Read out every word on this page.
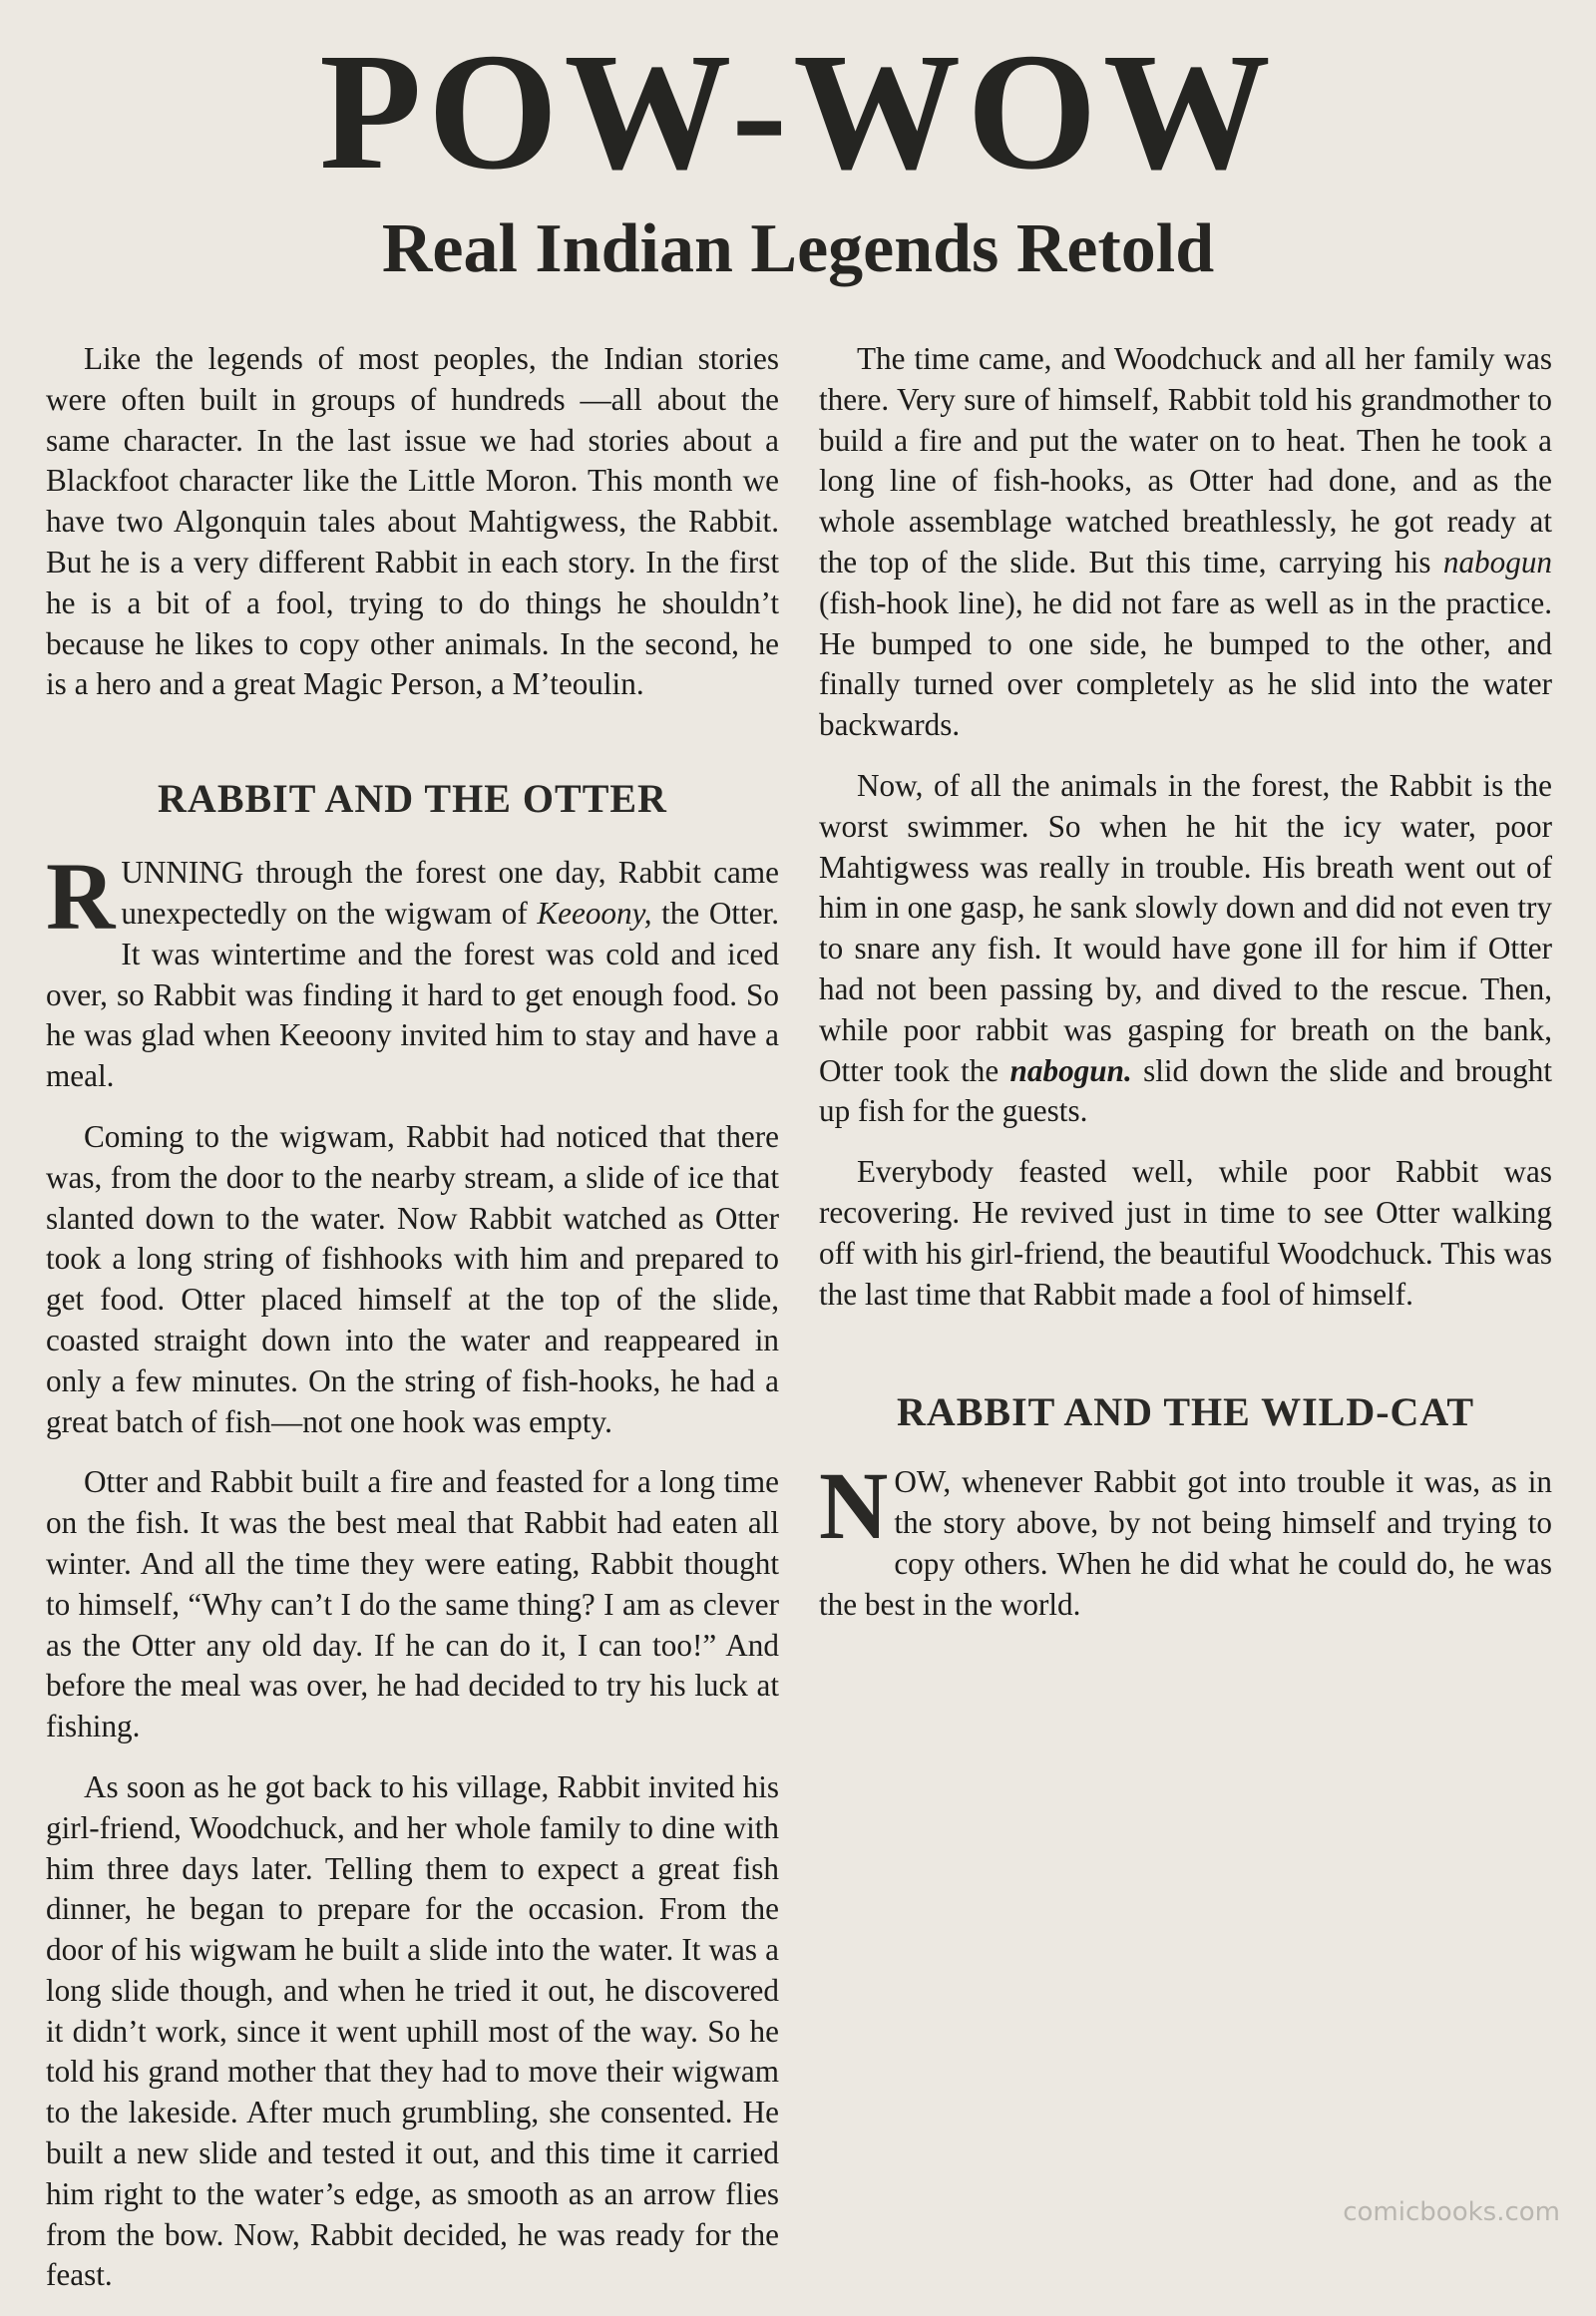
POW-WOW
Real Indian Legends Retold

Like the legends of most peoples, the Indian stories were often built in groups of hundreds —all about the same character. In the last issue we had stories about a Blackfoot character like the Little Moron. This month we have two Algonquin tales about Mahtigwess, the Rabbit. But he is a very different Rabbit in each story. In the first he is a bit of a fool, trying to do things he shouldn’t because he likes to copy other animals. In the second, he is a hero and a great Magic Person, a M’teoulin.

RABBIT AND THE OTTER

RUNNING through the forest one day, Rabbit came unexpectedly on the wigwam of Keeoony, the Otter. It was wintertime and the forest was cold and iced over, so Rabbit was finding it hard to get enough food. So he was glad when Keeoony invited him to stay and have a meal.

Coming to the wigwam, Rabbit had noticed that there was, from the door to the nearby stream, a slide of ice that slanted down to the water. Now Rabbit watched as Otter took a long string of fishhooks with him and prepared to get food. Otter placed himself at the top of the slide, coasted straight down into the water and reappeared in only a few minutes. On the string of fish-hooks, he had a great batch of fish—not one hook was empty.

Otter and Rabbit built a fire and feasted for a long time on the fish. It was the best meal that Rabbit had eaten all winter. And all the time they were eating, Rabbit thought to himself, “Why can’t I do the same thing? I am as clever as the Otter any old day. If he can do it, I can too!” And before the meal was over, he had decided to try his luck at fishing.

As soon as he got back to his village, Rabbit invited his girl-friend, Woodchuck, and her whole family to dine with him three days later. Telling them to expect a great fish dinner, he began to prepare for the occasion. From the door of his wigwam he built a slide into the water. It was a long slide though, and when he tried it out, he discovered it didn’t work, since it went uphill most of the way. So he told his grand mother that they had to move their wigwam to the lakeside. After much grumbling, she consented. He built a new slide and tested it out, and this time it carried him right to the water’s edge, as smooth as an arrow flies from the bow. Now, Rabbit decided, he was ready for the feast.

The time came, and Woodchuck and all her family was there. Very sure of himself, Rabbit told his grandmother to build a fire and put the water on to heat. Then he took a long line of fish-hooks, as Otter had done, and as the whole assemblage watched breathlessly, he got ready at the top of the slide. But this time, carrying his nabogun (fish-hook line), he did not fare as well as in the practice. He bumped to one side, he bumped to the other, and finally turned over completely as he slid into the water backwards.

Now, of all the animals in the forest, the Rabbit is the worst swimmer. So when he hit the icy water, poor Mahtigwess was really in trouble. His breath went out of him in one gasp, he sank slowly down and did not even try to snare any fish. It would have gone ill for him if Otter had not been passing by, and dived to the rescue. Then, while poor rabbit was gasping for breath on the bank, Otter took the nabogun. slid down the slide and brought up fish for the guests.

Everybody feasted well, while poor Rabbit was recovering. He revived just in time to see Otter walking off with his girl-friend, the beautiful Woodchuck. This was the last time that Rabbit made a fool of himself.

RABBIT AND THE WILD-CAT

NOW, whenever Rabbit got into trouble it was, as in the story above, by not being himself and trying to copy others. When he did what he could do, he was the best in the world.

comicbooks.com
